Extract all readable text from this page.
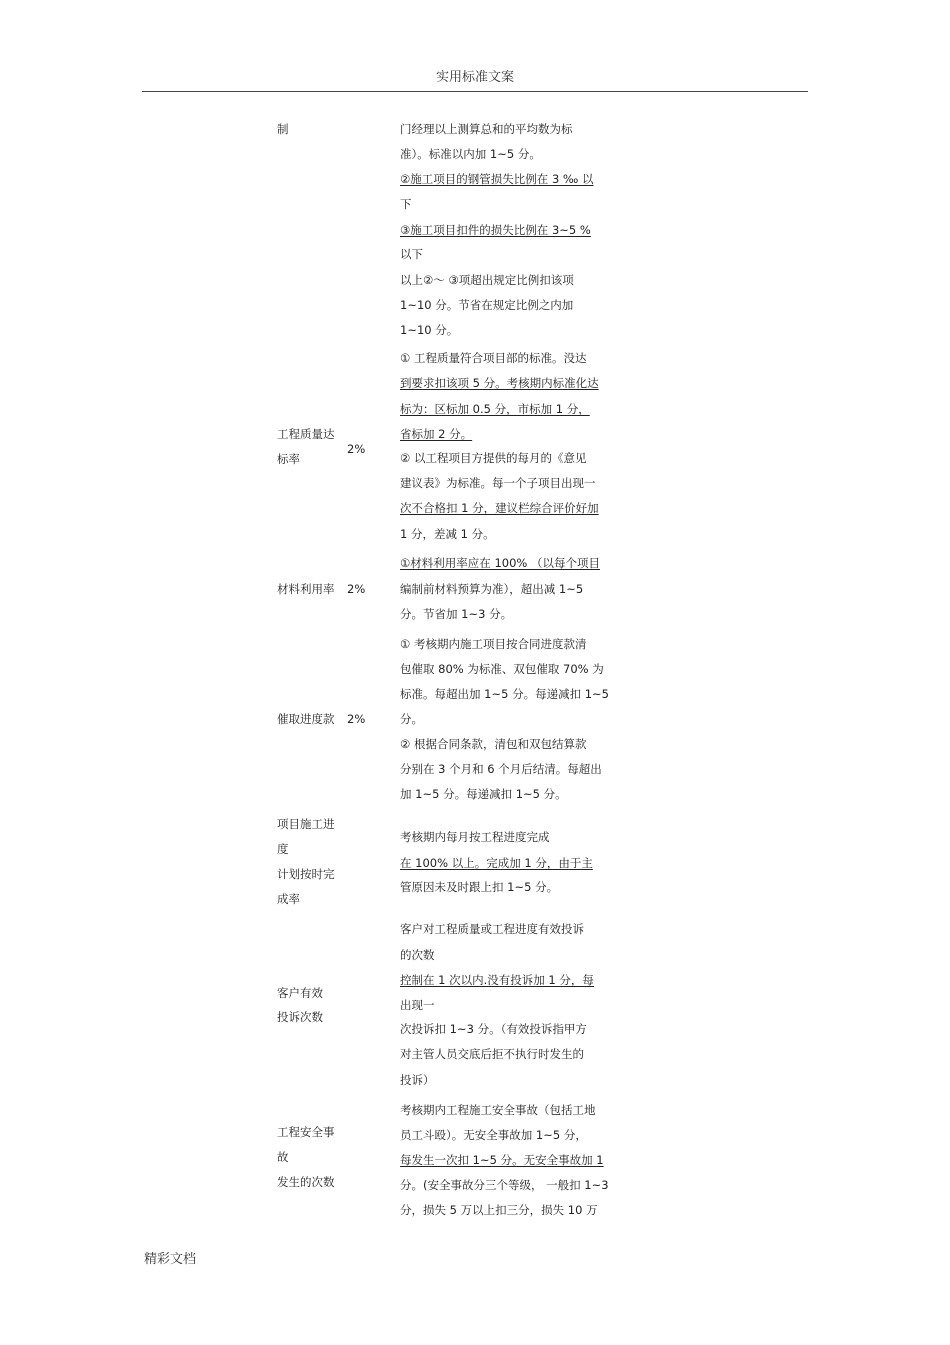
实用标准文案
制	门经理以上测算总和的平均数为标
准）。标准以内加 1~5 分。
②施工项目的钢管损失比例在 3 ‰ 以
下
③施工项目扣件的损失比例在 3~5 %
以下
以上②～ ③项超出规定比例扣该项
1~10 分。节省在规定比例之内加
1~10 分。
工程质量达
标率
2%
① 工程质量符合项目部的标准。没达
到要求扣该项 5 分。考核期内标准化达
标为：区标加 0.5 分，市标加 1 分，
省标加 2 分。
② 以工程项目方提供的每月的《意见
建议表》为标准。每一个子项目出现一
次不合格扣 1 分，建议栏综合评价好加
1 分，差减 1 分。
材料利用率 2%
①材料利用率应在 100% （以每个项目
编制前材料预算为准），超出减 1~5
分。节省加 1~3 分。
催取进度款 2%
① 考核期内施工项目按合同进度款清
包催取 80% 为标准、双包催取 70% 为
标准。每超出加 1~5 分。每递减扣 1~5
分。
② 根据合同条款，清包和双包结算款
分别在 3 个月和 6 个月后结清。每超出
加 1~5 分。每递减扣 1~5 分。
项目施工进
度
计划按时完
成率
考核期内每月按工程进度完成
在 100% 以上。完成加 1 分，由于主
管原因未及时跟上扣 1~5 分。
客户有效
投诉次数
客户对工程质量或工程进度有效投诉
的次数
控制在 1 次以内.没有投诉加 1 分，每
出现一
次投诉扣 1~3 分。（有效投诉指甲方
对主管人员交底后拒不执行时发生的
投诉）
工程安全事
故
发生的次数
考核期内工程施工安全事故（包括工地
员工斗殴）。无安全事故加 1~5 分，
每发生一次扣 1~5 分。无安全事故加 1
分。(安全事故分三个等级， 一般扣 1~3
分，损失 5 万以上扣三分，损失 10 万
精彩文档
